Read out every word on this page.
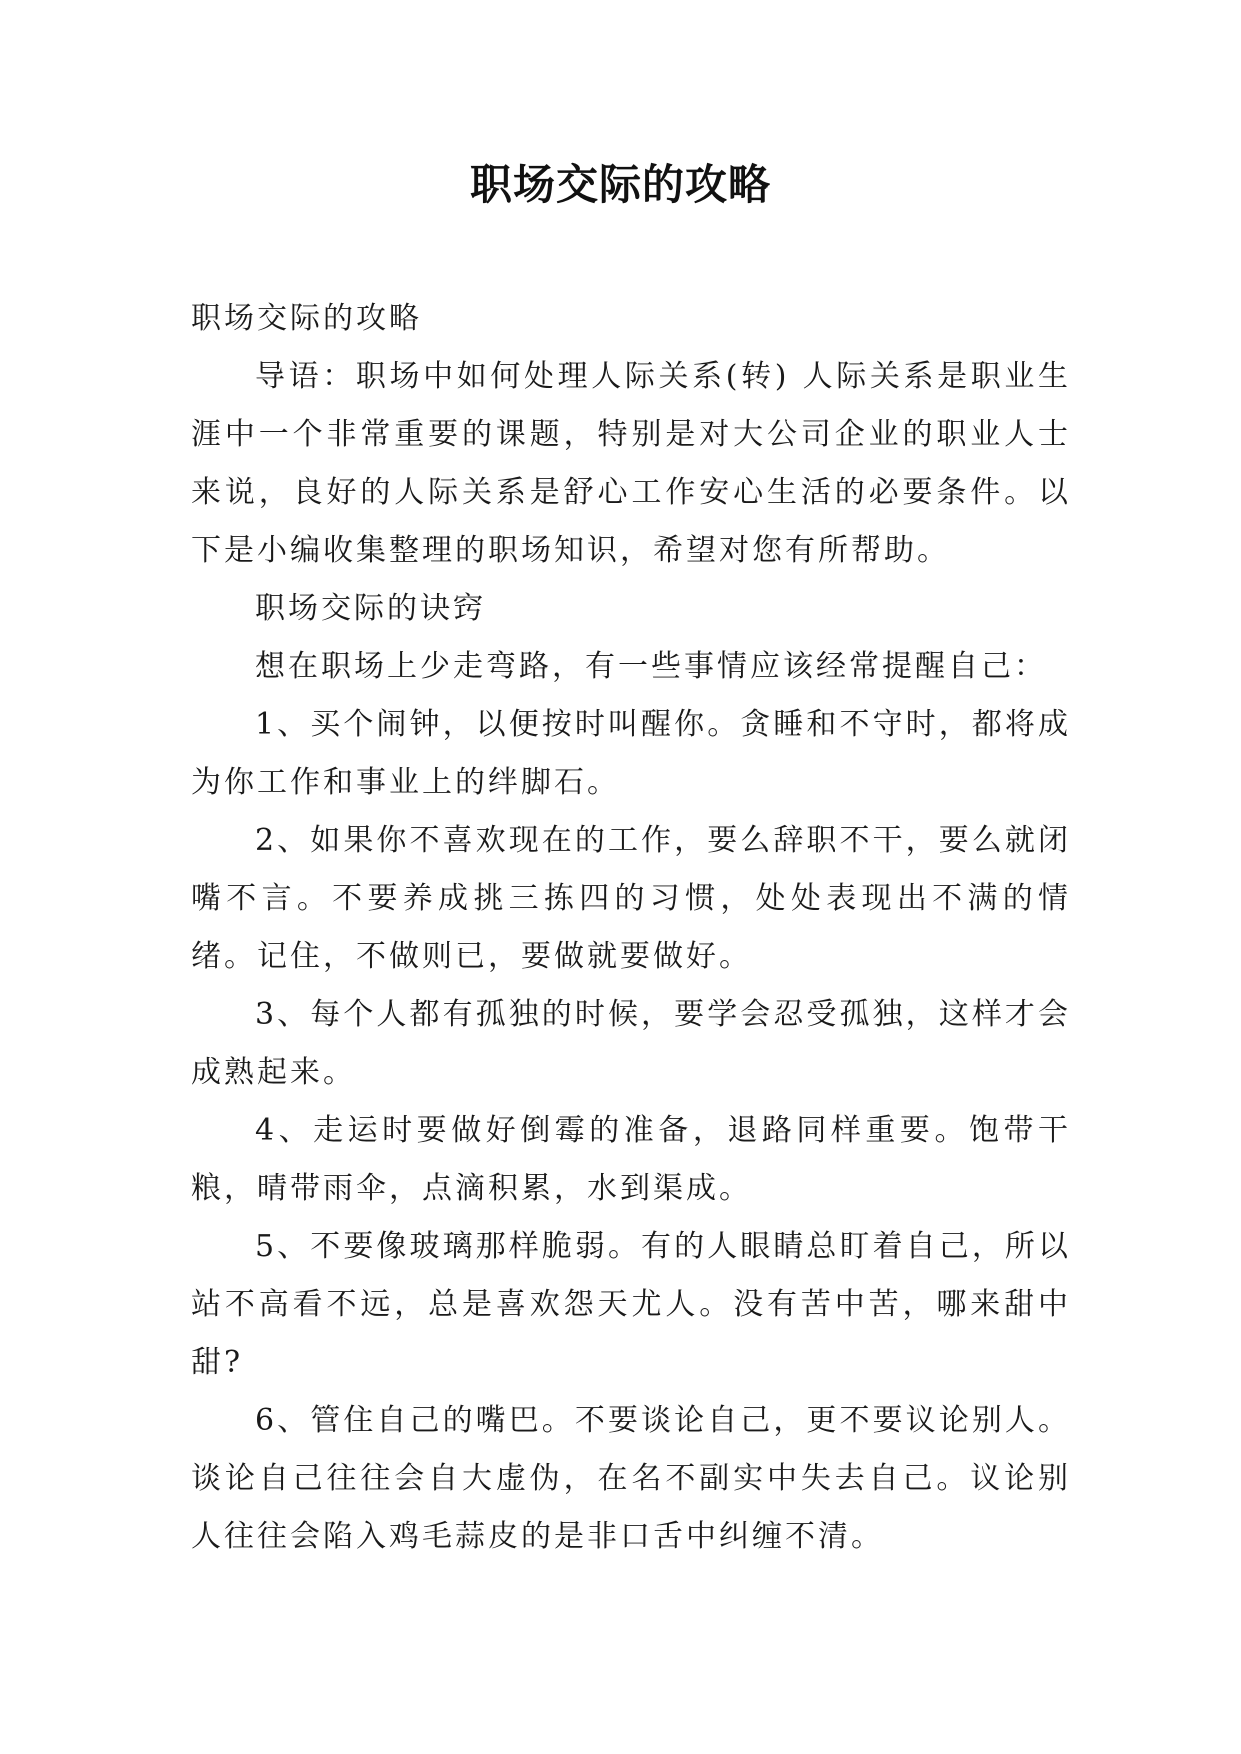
职场交际的攻略

职场交际的攻略

导语：职场中如何处理人际关系(转) 人际关系是职业生涯中一个非常重要的课题，特别是对大公司企业的职业人士来说，良好的人际关系是舒心工作安心生活的必要条件。以下是小编收集整理的职场知识，希望对您有所帮助。

职场交际的诀窍

想在职场上少走弯路，有一些事情应该经常提醒自己：

1、买个闹钟，以便按时叫醒你。贪睡和不守时，都将成为你工作和事业上的绊脚石。

2、如果你不喜欢现在的工作，要么辞职不干，要么就闭嘴不言。不要养成挑三拣四的习惯，处处表现出不满的情绪。记住，不做则已，要做就要做好。

3、每个人都有孤独的时候，要学会忍受孤独，这样才会成熟起来。

4、走运时要做好倒霉的准备，退路同样重要。饱带干粮，晴带雨伞，点滴积累，水到渠成。

5、不要像玻璃那样脆弱。有的人眼睛总盯着自己，所以站不高看不远，总是喜欢怨天尤人。没有苦中苦，哪来甜中甜?

6、管住自己的嘴巴。不要谈论自己，更不要议论别人。谈论自己往往会自大虚伪，在名不副实中失去自己。议论别人往往会陷入鸡毛蒜皮的是非口舌中纠缠不清。
